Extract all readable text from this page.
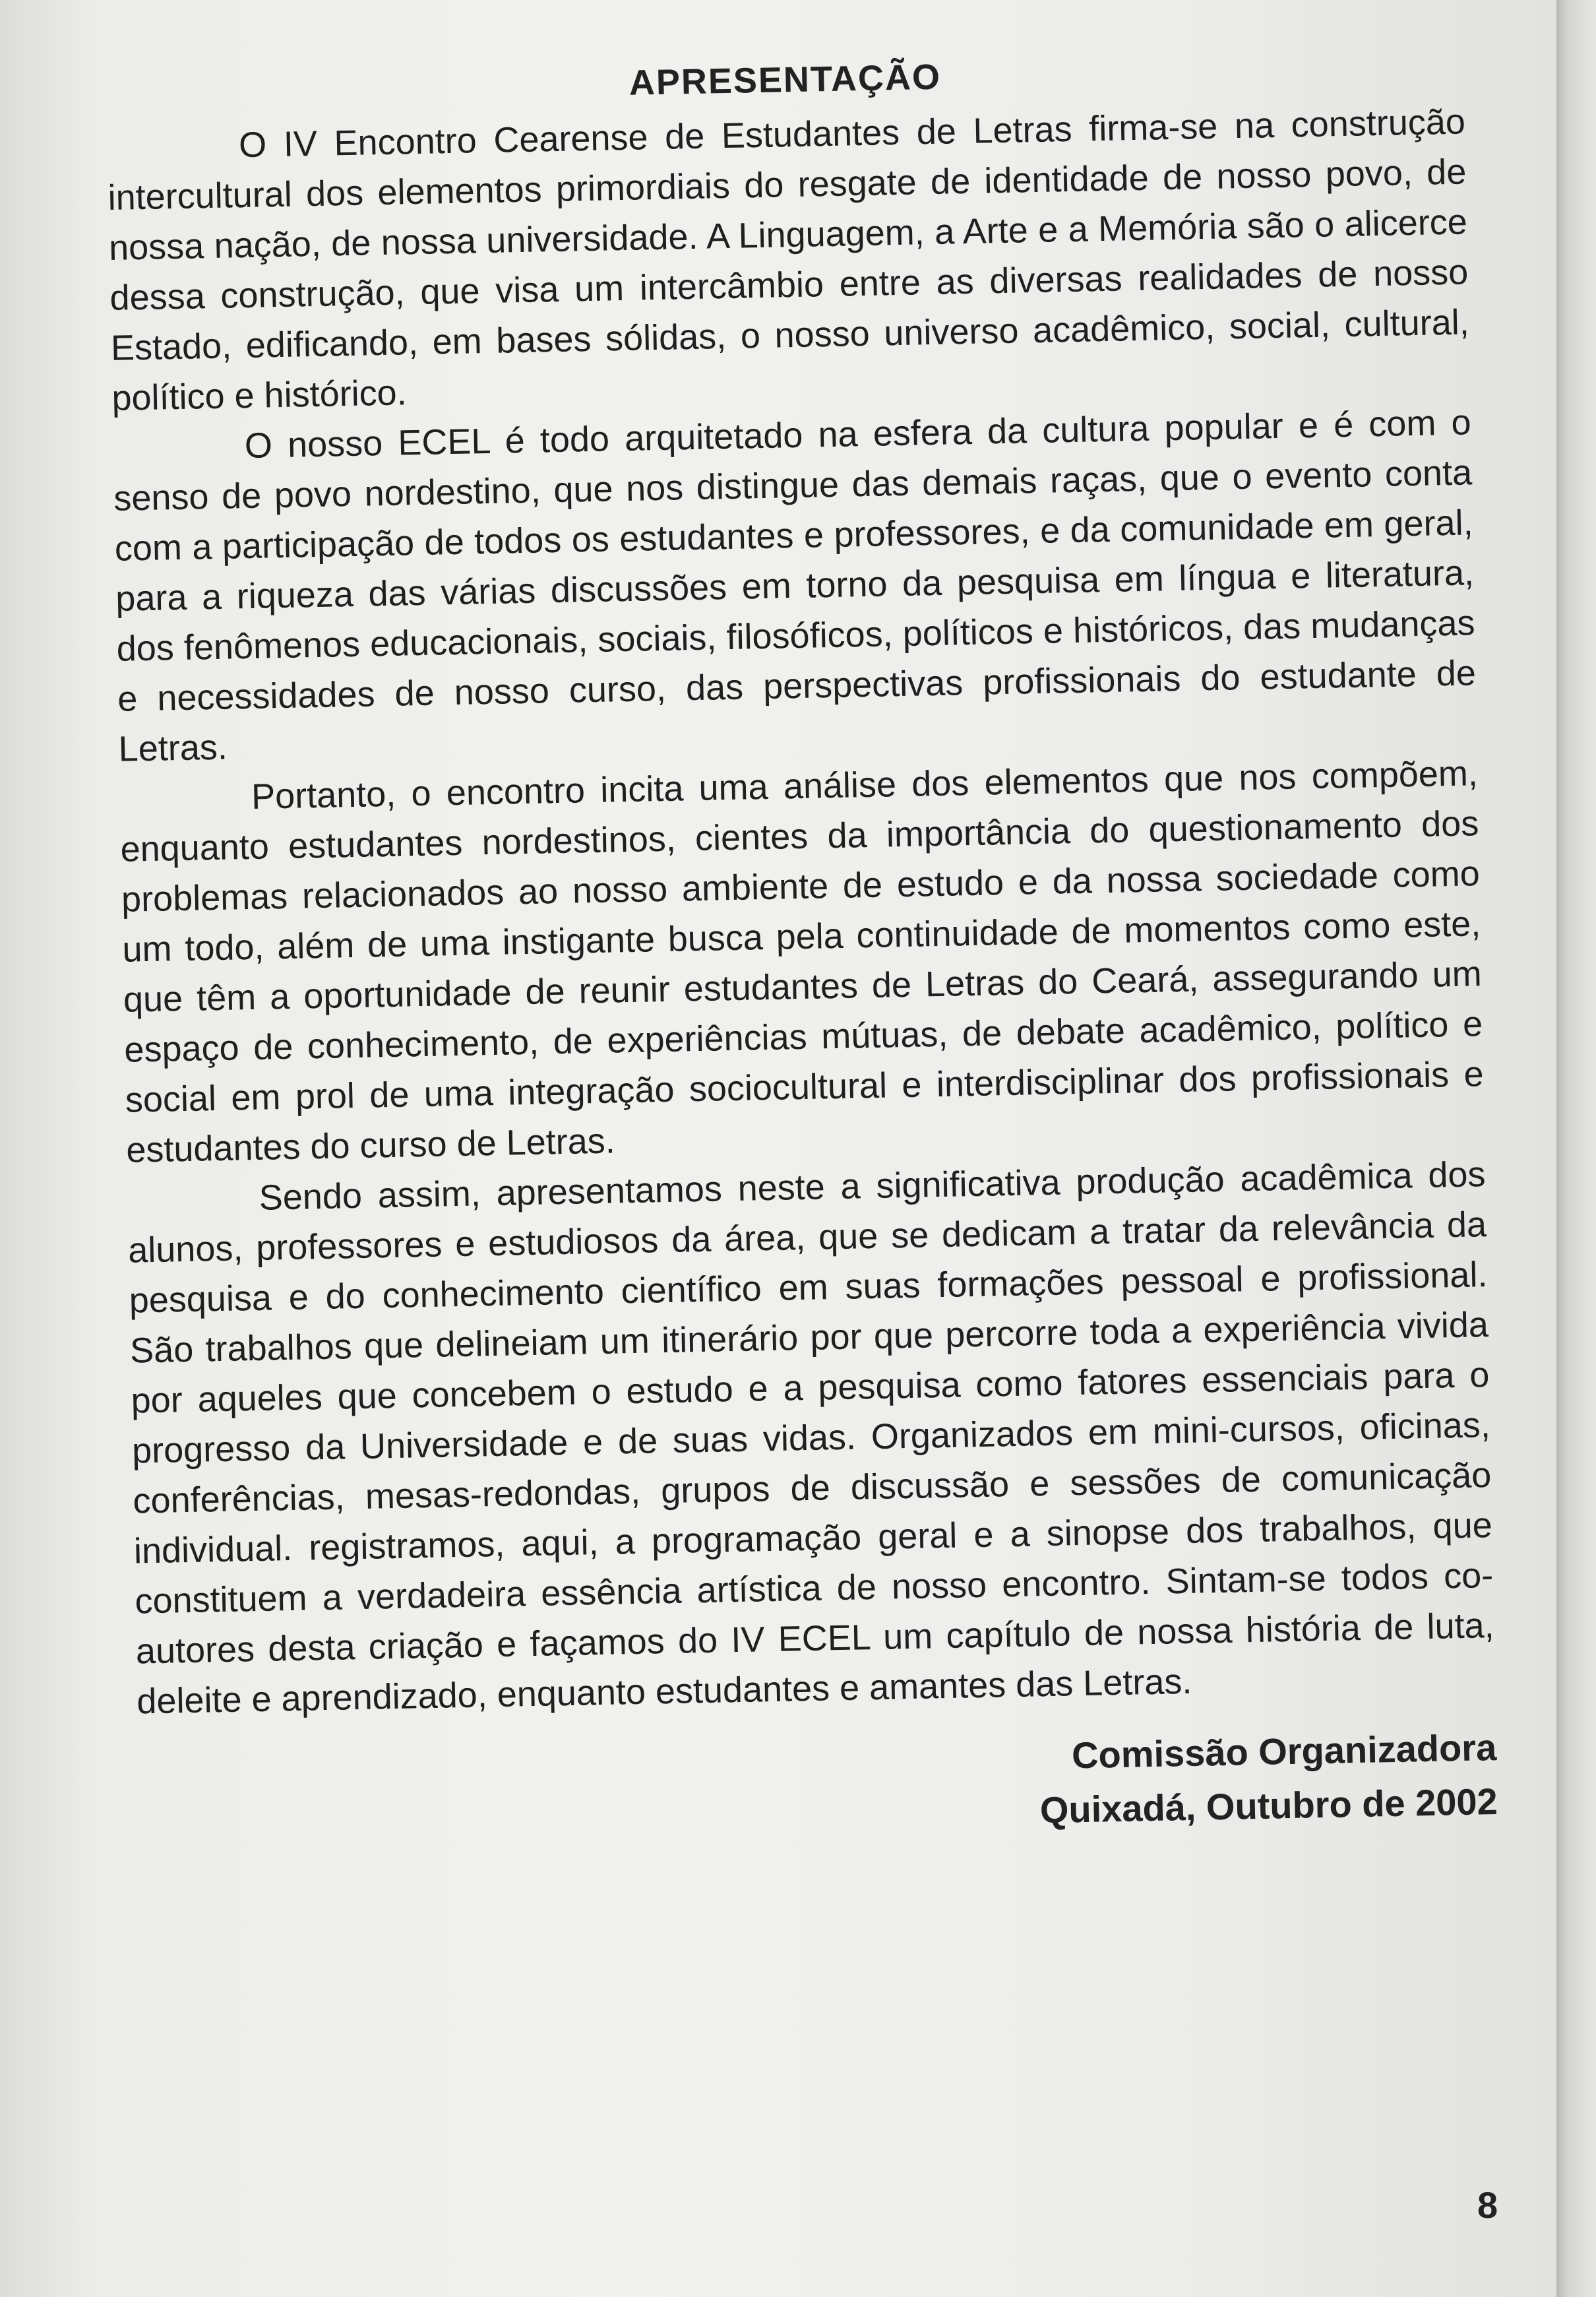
APRESENTAÇÃO

O IV Encontro Cearense de Estudantes de Letras firma-se na construção intercultural dos elementos primordiais do resgate de identidade de nosso povo, de nossa nação, de nossa universidade. A Linguagem, a Arte e a Memória são o alicerce dessa construção, que visa um intercâmbio entre as diversas realidades de nosso Estado, edificando, em bases sólidas, o nosso universo acadêmico, social, cultural, político e histórico.

O nosso ECEL é todo arquitetado na esfera da cultura popular e é com o senso de povo nordestino, que nos distingue das demais raças, que o evento conta com a participação de todos os estudantes e professores, e da comunidade em geral, para a riqueza das várias discussões em torno da pesquisa em língua e literatura, dos fenômenos educacionais, sociais, filosóficos, políticos e históricos, das mudanças e necessidades de nosso curso, das perspectivas profissionais do estudante de Letras.

Portanto, o encontro incita uma análise dos elementos que nos compõem, enquanto estudantes nordestinos, cientes da importância do questionamento dos problemas relacionados ao nosso ambiente de estudo e da nossa sociedade como um todo, além de uma instigante busca pela continuidade de momentos como este, que têm a oportunidade de reunir estudantes de Letras do Ceará, assegurando um espaço de conhecimento, de experiências mútuas, de debate acadêmico, político e social em prol de uma integração sociocultural e interdisciplinar dos profissionais e estudantes do curso de Letras.

Sendo assim, apresentamos neste a significativa produção acadêmica dos alunos, professores e estudiosos da área, que se dedicam a tratar da relevância da pesquisa e do conhecimento científico em suas formações pessoal e profissional. São trabalhos que delineiam um itinerário por que percorre toda a experiência vivida por aqueles que concebem o estudo e a pesquisa como fatores essenciais para o progresso da Universidade e de suas vidas. Organizados em mini-cursos, oficinas, conferências, mesas-redondas, grupos de discussão e sessões de comunicação individual. registramos, aqui, a programação geral e a sinopse dos trabalhos, que constituem a verdadeira essência artística de nosso encontro. Sintam-se todos co-autores desta criação e façamos do IV ECEL um capítulo de nossa história de luta, deleite e aprendizado, enquanto estudantes e amantes das Letras.

Comissão Organizadora
Quixadá, Outubro de 2002
8
